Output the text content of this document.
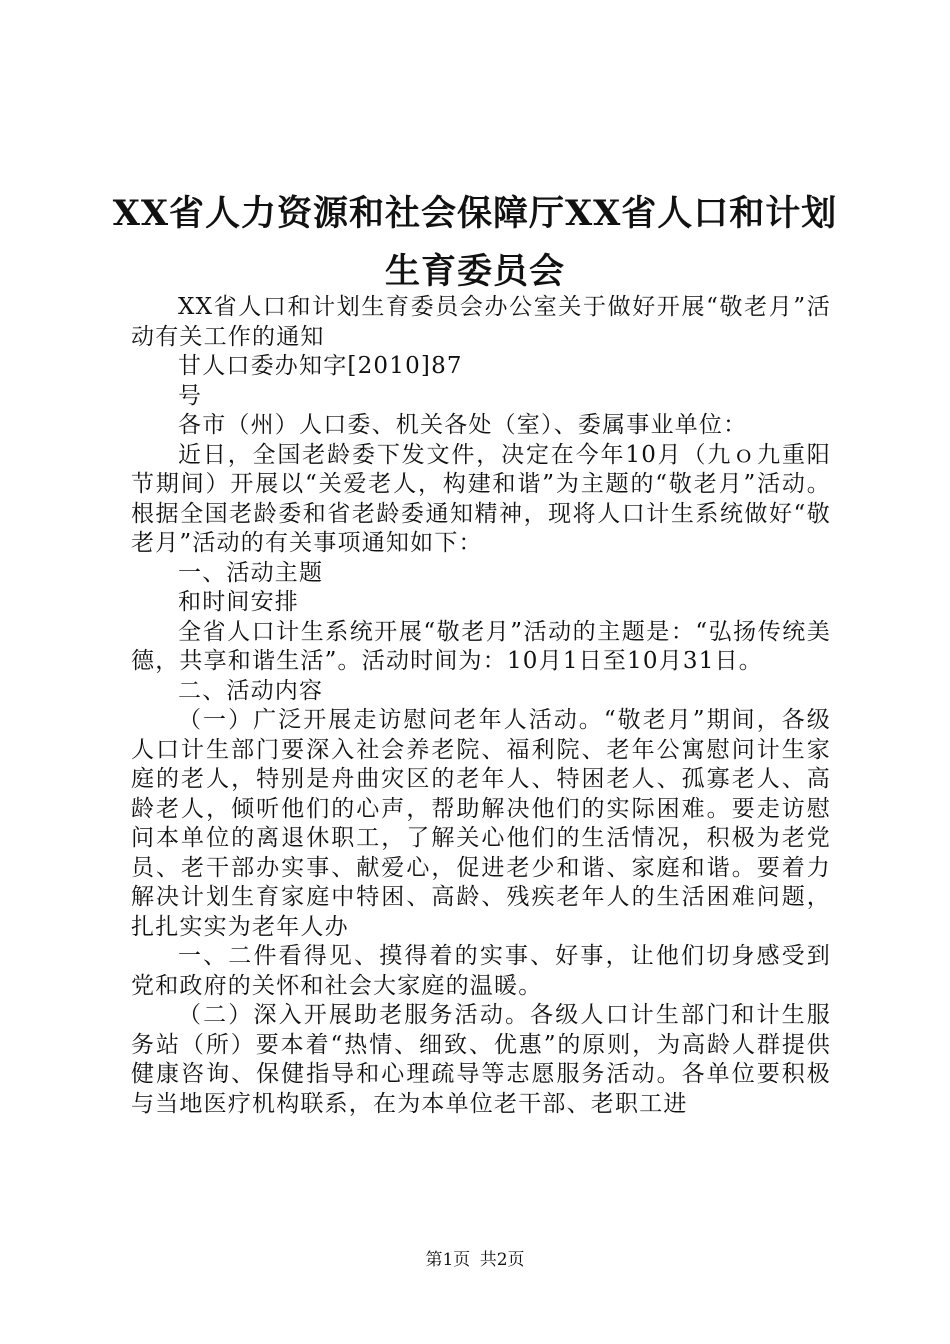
XX省人力资源和社会保障厅XX省人口和计划
生育委员会

XX省人口和计划生育委员会办公室关于做好开展“敬老月”活动有关工作的通知

甘人口委办知字[2010]87

号

各市（州）人口委、机关各处（室）、委属事业单位：

近日，全国老龄委下发文件，决定在今年10月（九ｏ九重阳节期间）开展以“关爱老人，构建和谐”为主题的“敬老月”活动。根据全国老龄委和省老龄委通知精神，现将人口计生系统做好“敬老月”活动的有关事项通知如下：

一、活动主题

和时间安排

全省人口计生系统开展“敬老月”活动的主题是：“弘扬传统美德，共享和谐生活”。活动时间为：10月1日至10月31日。

二、活动内容

（一）广泛开展走访慰问老年人活动。“敬老月”期间，各级人口计生部门要深入社会养老院、福利院、老年公寓慰问计生家庭的老人，特别是舟曲灾区的老年人、特困老人、孤寡老人、高龄老人，倾听他们的心声，帮助解决他们的实际困难。要走访慰问本单位的离退休职工，了解关心他们的生活情况，积极为老党员、老干部办实事、献爱心，促进老少和谐、家庭和谐。要着力解决计划生育家庭中特困、高龄、残疾老年人的生活困难问题，扎扎实实为老年人办

一、二件看得见、摸得着的实事、好事，让他们切身感受到党和政府的关怀和社会大家庭的温暖。

（二）深入开展助老服务活动。各级人口计生部门和计生服务站（所）要本着“热情、细致、优惠”的原则，为高龄人群提供健康咨询、保健指导和心理疏导等志愿服务活动。各单位要积极与当地医疗机构联系，在为本单位老干部、老职工进

第1页 共2页
